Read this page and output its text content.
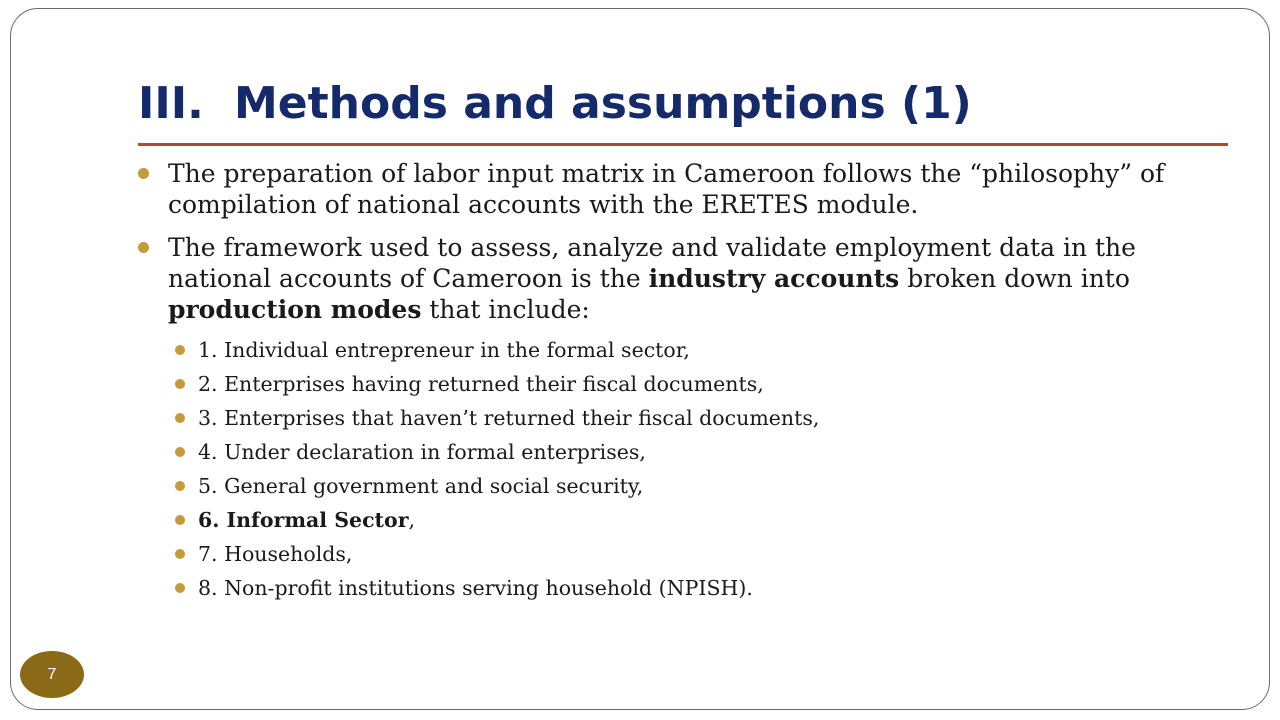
III. Methods and assumptions (1)
The preparation of labor input matrix in Cameroon follows the “philosophy” of compilation of national accounts with the ERETES module.
The framework used to assess, analyze and validate employment data in the national accounts of Cameroon is the industry accounts broken down into production modes that include:
1. Individual entrepreneur in the formal sector,
2. Enterprises having returned their fiscal documents,
3. Enterprises that haven’t returned their fiscal documents,
4. Under declaration in formal enterprises,
5. General government and social security,
6. Informal Sector,
7. Households,
8. Non-profit institutions serving household (NPISH).
7
